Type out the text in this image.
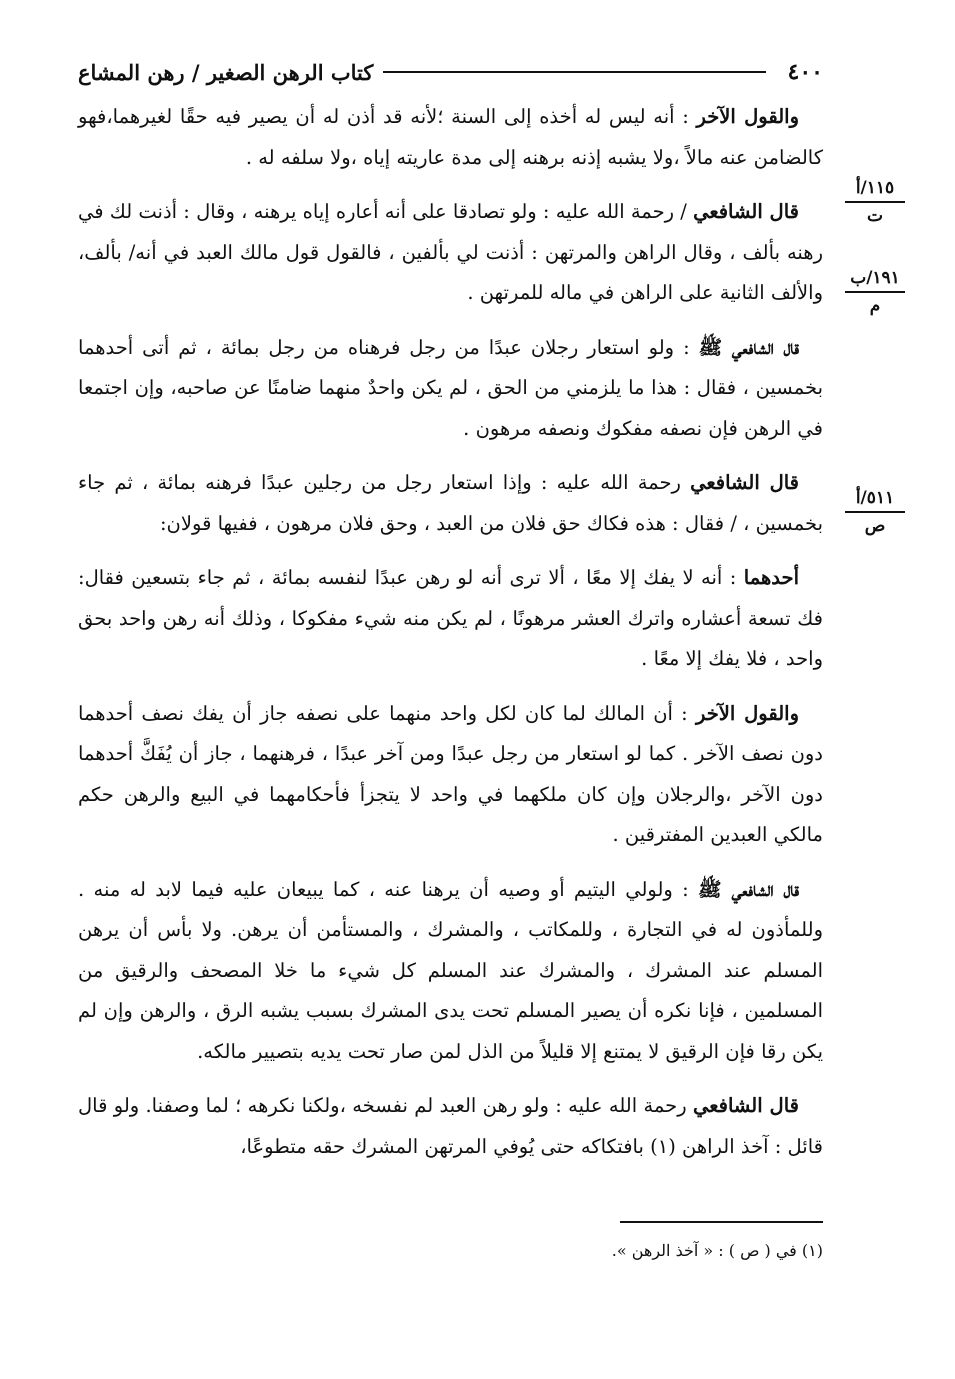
٤٠٠
كتاب الرهن الصغير / رهن المشاع
١١٥/أ
ت
١٩١/ب
م
٥١١/أ
ص

والقول الآخر : أنه ليس له أخذه إلى السنة ؛لأنه قد أذن له أن يصير فيه حقًا لغيرهما،فهو كالضامن عنه مالاً ،ولا يشبه إذنه برهنه إلى مدة عاريته إياه ،ولا سلفه له .

قال الشافعي / رحمة الله عليه : ولو تصادقا على أنه أعاره إياه يرهنه ، وقال : أذنت لك في رهنه بألف ، وقال الراهن والمرتهن : أذنت لي بألفين ، فالقول قول مالك العبد في أنه/ بألف، والألف الثانية على الراهن في ماله للمرتهن .

قال الشافعي ﷺ : ولو استعار رجلان عبدًا من رجل فرهناه من رجل بمائة ، ثم أتى أحدهما بخمسين ، فقال : هذا ما يلزمني من الحق ، لم يكن واحدٌ منهما ضامنًا عن صاحبه، وإن اجتمعا في الرهن فإن نصفه مفكوك ونصفه مرهون .

قال الشافعي رحمة الله عليه : وإذا استعار رجل من رجلين عبدًا فرهنه بمائة ، ثم جاء بخمسين ، / فقال : هذه فكاك حق فلان من العبد ، وحق فلان مرهون ، ففيها قولان:

أحدهما : أنه لا يفك إلا معًا ، ألا ترى أنه لو رهن عبدًا لنفسه بمائة ، ثم جاء بتسعين فقال: فك تسعة أعشاره واترك العشر مرهونًا ، لم يكن منه شيء مفكوكا ، وذلك أنه رهن واحد بحق واحد ، فلا يفك إلا معًا .

والقول الآخر : أن المالك لما كان لكل واحد منهما على نصفه جاز أن يفك نصف أحدهما دون نصف الآخر . كما لو استعار من رجل عبدًا ومن آخر عبدًا ، فرهنهما ، جاز أن يُفَكَّ أحدهما دون الآخر ،والرجلان وإن كان ملكهما في واحد لا يتجزأ فأحكامهما في البيع والرهن حكم مالكي العبدين المفترقين .

قال الشافعي ﷺ : ولولي اليتيم أو وصيه أن يرهنا عنه ، كما يبيعان عليه فيما لابد له منه . وللمأذون له في التجارة ، وللمكاتب ، والمشرك ، والمستأمن أن يرهن. ولا بأس أن يرهن المسلم عند المشرك ، والمشرك عند المسلم كل شيء ما خلا المصحف والرقيق من المسلمين ، فإنا نكره أن يصير المسلم تحت يدى المشرك بسبب يشبه الرق ، والرهن وإن لم يكن رقا فإن الرقيق لا يمتنع إلا قليلاً من الذل لمن صار تحت يديه بتصيير مالكه.

قال الشافعي رحمة الله عليه : ولو رهن العبد لم نفسخه ،ولكنا نكرهه ؛ لما وصفنا. ولو قال قائل : آخذ الراهن (١) بافتكاكه حتى يُوفي المرتهن المشرك حقه متطوعًا،

(١) في ( ص ) : « آخذ الرهن ».
